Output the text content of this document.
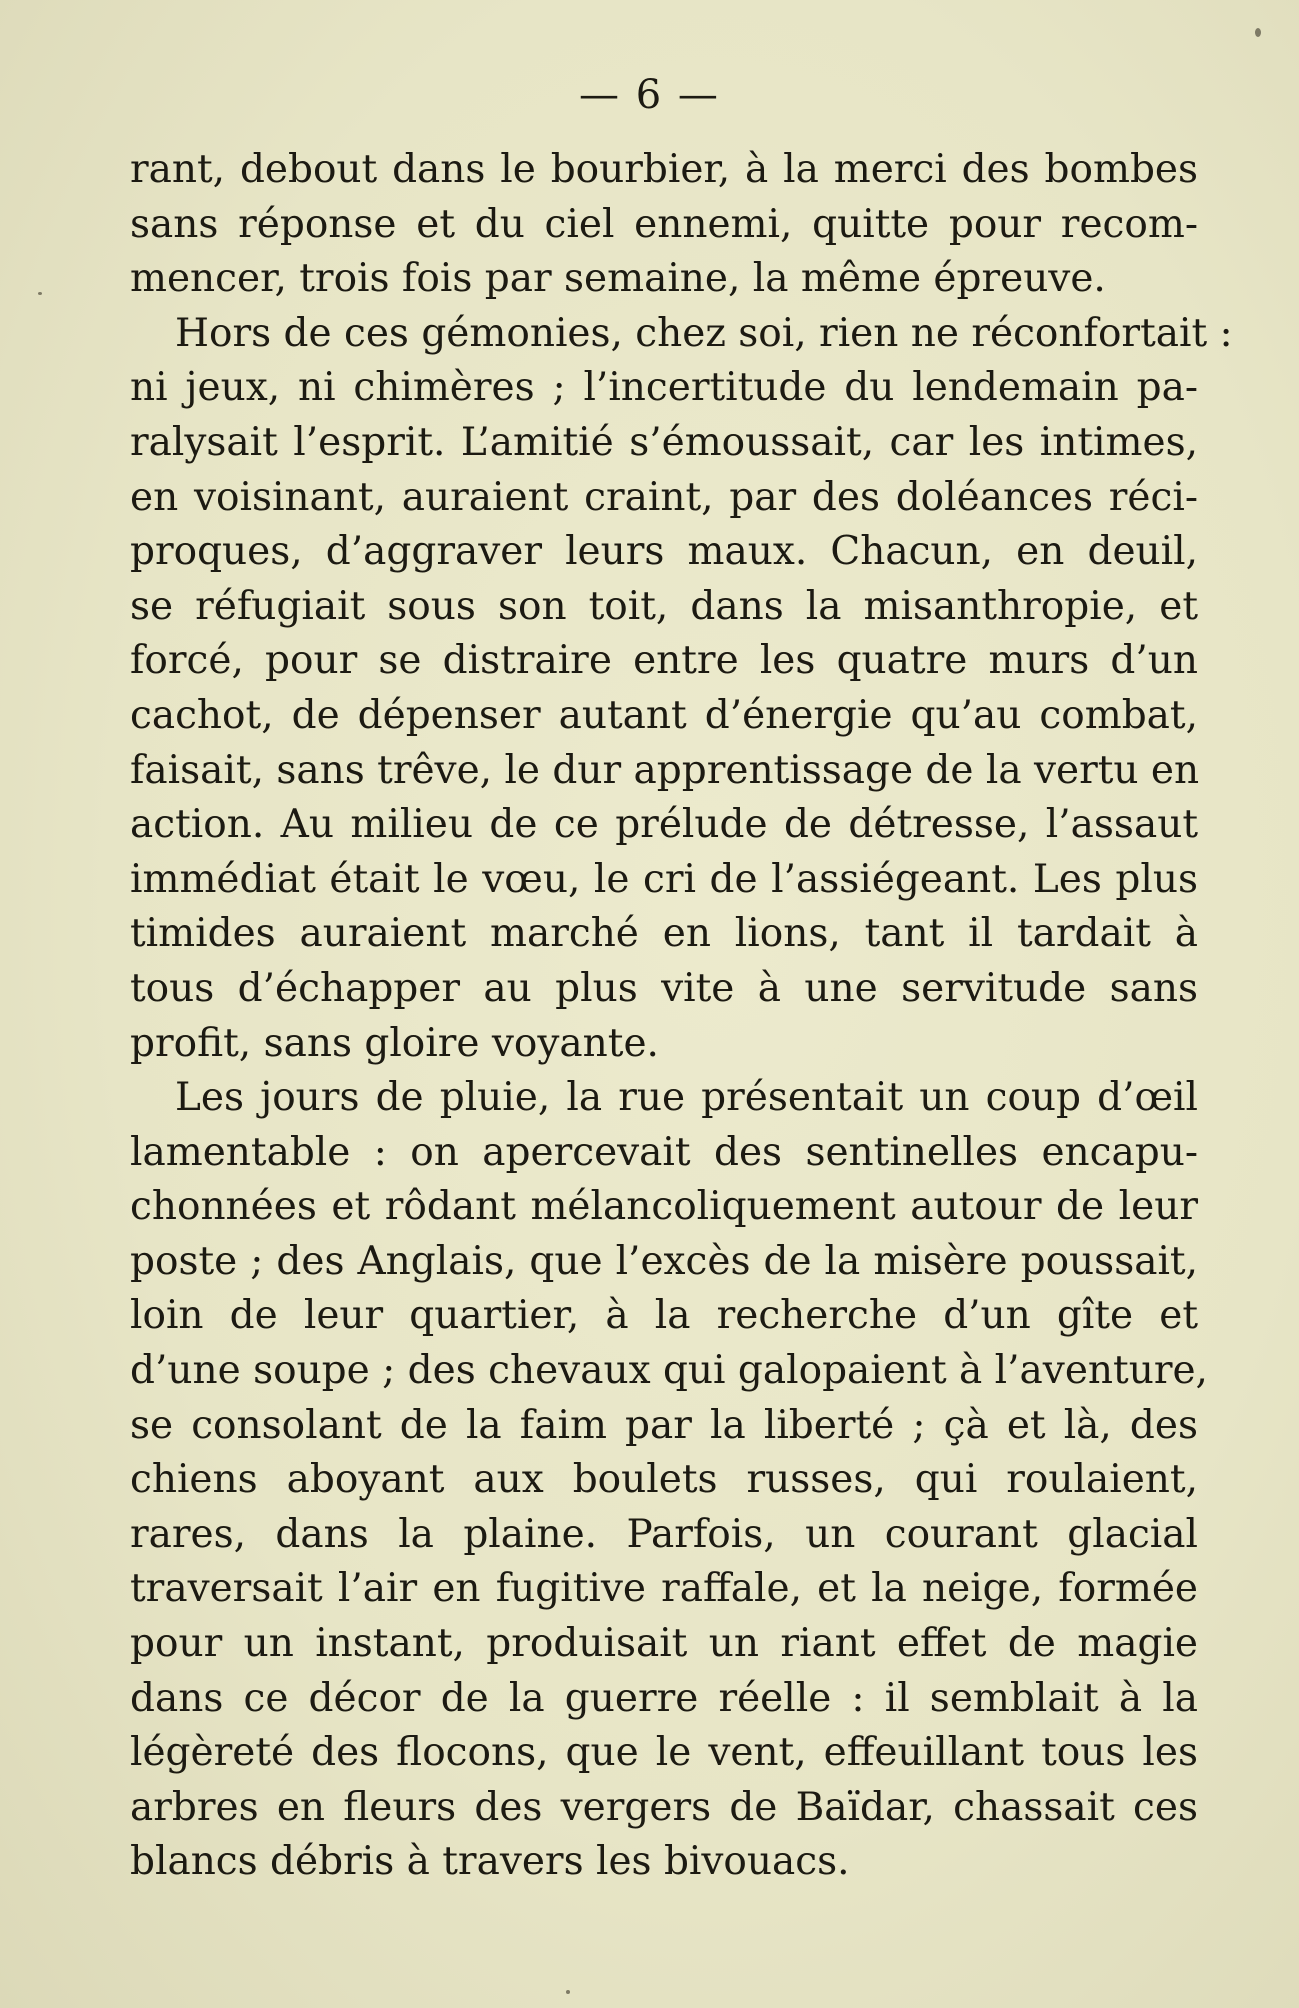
— 6 —
rant, debout dans le bourbier, à la merci des bombes
sans réponse et du ciel ennemi, quitte pour recom-
mencer, trois fois par semaine, la même épreuve.
Hors de ces gémonies, chez soi, rien ne réconfortait :
ni jeux, ni chimères ; l’incertitude du lendemain pa-
ralysait l’esprit. L’amitié s’émoussait, car les intimes,
en voisinant, auraient craint, par des doléances réci-
proques, d’aggraver leurs maux. Chacun, en deuil,
se réfugiait sous son toit, dans la misanthropie, et
forcé, pour se distraire entre les quatre murs d’un
cachot, de dépenser autant d’énergie qu’au combat,
faisait, sans trêve, le dur apprentissage de la vertu en
action. Au milieu de ce prélude de détresse, l’assaut
immédiat était le vœu, le cri de l’assiégeant. Les plus
timides auraient marché en lions, tant il tardait à
tous d’échapper au plus vite à une servitude sans
profit, sans gloire voyante.
Les jours de pluie, la rue présentait un coup d’œil
lamentable : on apercevait des sentinelles encapu-
chonnées et rôdant mélancoliquement autour de leur
poste ; des Anglais, que l’excès de la misère poussait,
loin de leur quartier, à la recherche d’un gîte et
d’une soupe ; des chevaux qui galopaient à l’aventure,
se consolant de la faim par la liberté ; çà et là, des
chiens aboyant aux boulets russes, qui roulaient,
rares, dans la plaine. Parfois, un courant glacial
traversait l’air en fugitive raffale, et la neige, formée
pour un instant, produisait un riant effet de magie
dans ce décor de la guerre réelle : il semblait à la
légèreté des flocons, que le vent, effeuillant tous les
arbres en fleurs des vergers de Baïdar, chassait ces
blancs débris à travers les bivouacs.
